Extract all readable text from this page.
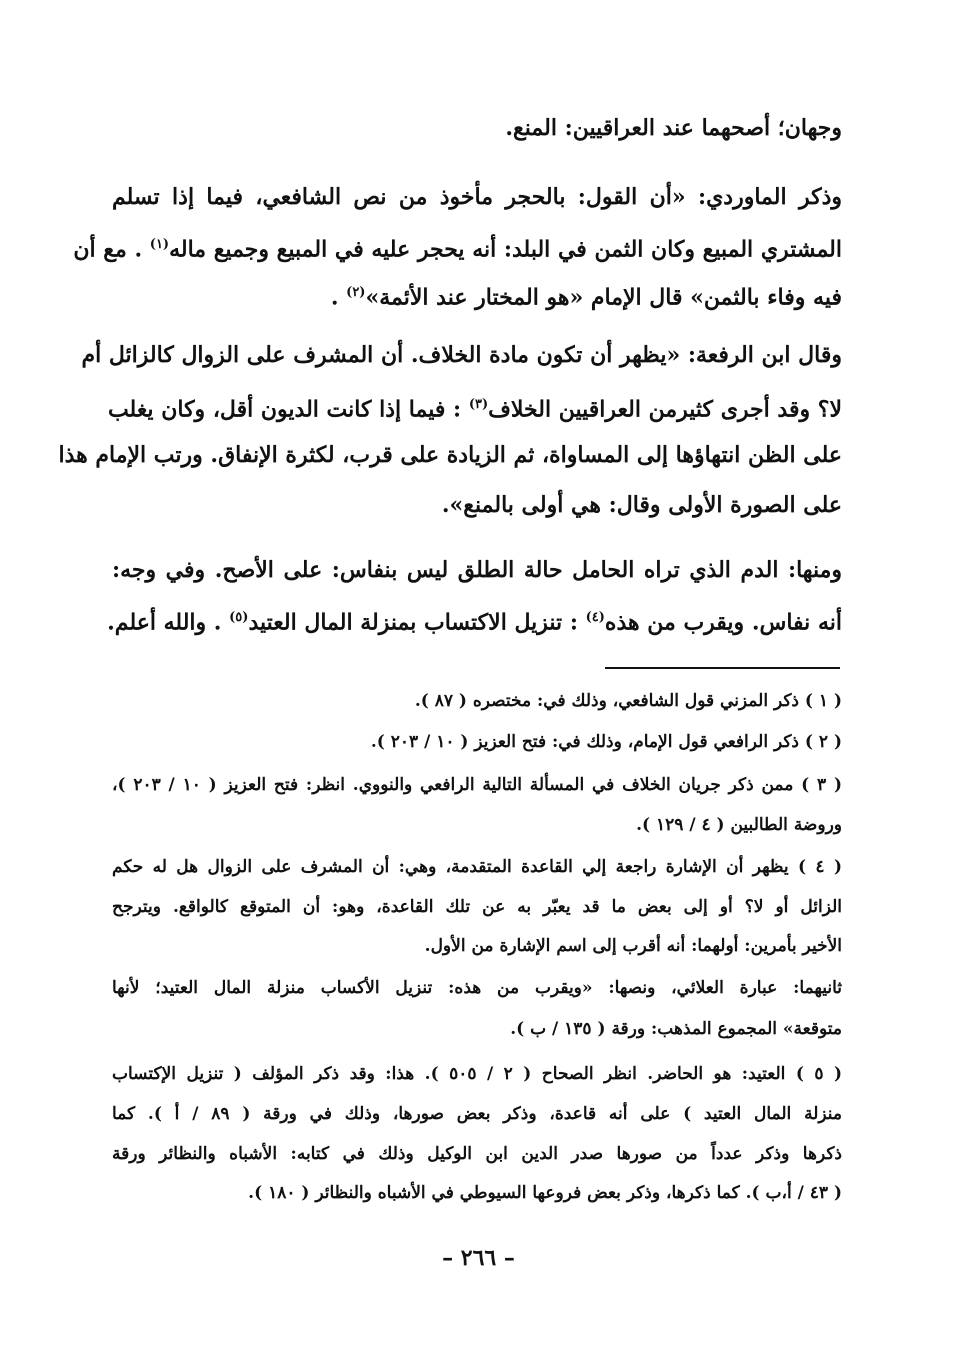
وجهان؛ أصحهما عند العراقيين: المنع.

وذكر الماوردي: «أن القول: بالحجر مأخوذ من نص الشافعي، فيما إذا تسلم

المشتري المبيع وكان الثمن في البلد: أنه يحجر عليه في المبيع وجميع ماله$^{(١)}$ . مع أن

فيه وفاء بالثمن» قال الإمام «هو المختار عند الأئمة»$^{(٢)}$ .

وقال ابن الرفعة: «يظهر أن تكون مادة الخلاف. أن المشرف على الزوال كالزائل أم

لا؟ وقد أجرى كثيرمن العراقيين الخلاف$^{(٣)}$ : فيما إذا كانت الديون أقل، وكان يغلب

على الظن انتهاؤها إلى المساواة، ثم الزيادة على قرب، لكثرة الإنفاق. ورتب الإمام هذا

على الصورة الأولى وقال: هي أولى بالمنع».

ومنها: الدم الذي تراه الحامل حالة الطلق ليس بنفاس: على الأصح. وفي وجه:

أنه نفاس. ويقرب من هذه$^{(٤)}$ : تنزيل الاكتساب بمنزلة المال العتيد$^{(٥)}$ . والله أعلم.

( ١ ) ذكر المزني قول الشافعي، وذلك في: مختصره ( ٨٧ ).

( ٢ ) ذكر الرافعي قول الإمام، وذلك في: فتح العزيز ( ١٠ / ٢٠٣ ).

( ٣ ) ممن ذكر جريان الخلاف في المسألة التالية الرافعي والنووي. انظر: فتح العزيز ( ١٠ / ٢٠٣ )،

وروضة الطالبين ( ٤ / ١٢٩ ).

( ٤ ) يظهر أن الإشارة راجعة إلي القاعدة المتقدمة، وهي: أن المشرف على الزوال هل له حكم

الزائل أو لا؟ أو إلى بعض ما قد يعبّر به عن تلك القاعدة، وهو: أن المتوقع كالواقع. ويترجح

الأخير بأمرين: أولهما: أنه أقرب إلى اسم الإشارة من الأول.

ثانيهما: عبارة العلائي، ونصها: «ويقرب من هذه: تنزيل الأكساب منزلة المال العتيد؛ لأنها

متوقعة» المجموع المذهب: ورقة ( ١٣٥ / ب ).

( ٥ ) العتيد: هو الحاضر. انظر الصحاح ( ٢ / ٥٠٥ ). هذا: وقد ذكر المؤلف ( تنزيل الإكتساب

منزلة المال العتيد ) على أنه قاعدة، وذكر بعض صورها، وذلك في ورقة ( ٨٩ / أ ). كما

ذكرها وذكر عدداً من صورها صدر الدين ابن الوكيل وذلك في كتابه: الأشباه والنظائر ورقة

( ٤٣ / أ،ب ). كما ذكرها، وذكر بعض فروعها السيوطي في الأشباه والنظائر ( ١٨٠ ).

– ٢٦٦ –
